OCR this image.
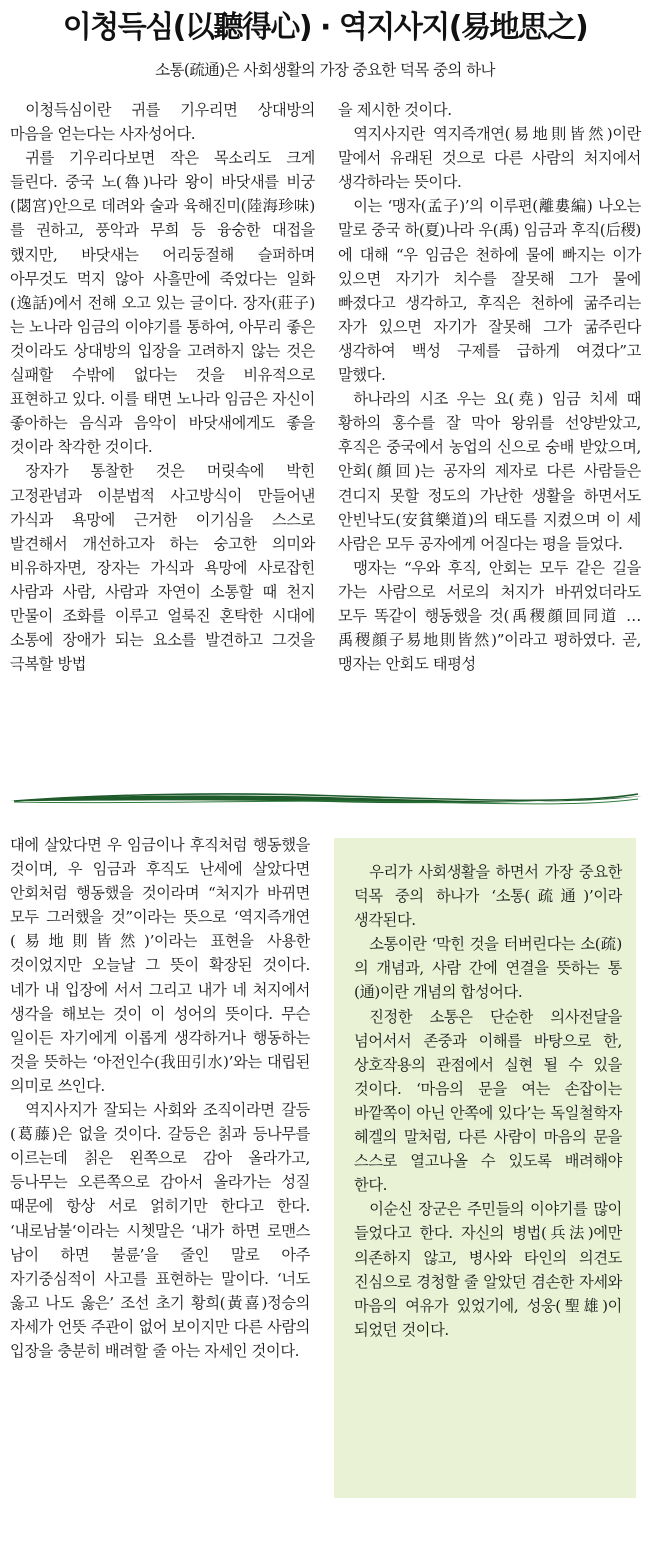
이청득심(以聽得心) · 역지사지(易地思之)
소통(疏通)은 사회생활의 가장 중요한 덕목 중의 하나

이청득심이란 귀를 기우리면 상대방의 마음을 얻는다는 사자성어다.

귀를 기우리다보면 작은 목소리도 크게 들린다. 중국 노(魯)나라 왕이 바닷새를 비궁(閟宮)안으로 데려와 술과 육해진미(陸海珍味)를 권하고, 풍악과 무희 등 융숭한 대접을 했지만, 바닷새는 어리둥절해 슬퍼하며 아무것도 먹지 않아 사흘만에 죽었다는 일화(逸話)에서 전해 오고 있는 글이다. 장자(莊子)는 노나라 임금의 이야기를 통하여, 아무리 좋은 것이라도 상대방의 입장을 고려하지 않는 것은 실패할 수밖에 없다는 것을 비유적으로 표현하고 있다. 이를 태면 노나라 임금은 자신이 좋아하는 음식과 음악이 바닷새에게도 좋을 것이라 착각한 것이다.

장자가 통찰한 것은 머릿속에 박힌 고정관념과 이분법적 사고방식이 만들어낸 가식과 욕망에 근거한 이기심을 스스로 발견해서 개선하고자 하는 숭고한 의미와 비유하자면, 장자는 가식과 욕망에 사로잡힌 사람과 사람, 사람과 자연이 소통할 때 천지 만물이 조화를 이루고 얼룩진 혼탁한 시대에 소통에 장애가 되는 요소를 발견하고 그것을 극복할 방법

을 제시한 것이다.

역지사지란 역지즉개연(易地則皆然)이란 말에서 유래된 것으로 다른 사람의 처지에서 생각하라는 뜻이다.

이는 ‘맹자(孟子)’의 이루편(離婁編) 나오는 말로 중국 하(夏)나라 우(禹) 임금과 후직(后稷)에 대해 “우 임금은 천하에 물에 빠지는 이가 있으면 자기가 치수를 잘못해 그가 물에 빠졌다고 생각하고, 후직은 천하에 굶주리는 자가 있으면 자기가 잘못해 그가 굶주린다 생각하여 백성 구제를 급하게 여겼다”고 말했다.

하나라의 시조 우는 요(堯) 임금 치세 때 황하의 홍수를 잘 막아 왕위를 선양받았고, 후직은 중국에서 농업의 신으로 숭배 받았으며, 안회(顔回)는 공자의 제자로 다른 사람들은 견디지 못할 정도의 가난한 생활을 하면서도 안빈낙도(安貧樂道)의 태도를 지켰으며 이 세 사람은 모두 공자에게 어질다는 평을 들었다.

맹자는 “우와 후직, 안회는 모두 같은 길을 가는 사람으로 서로의 처지가 바뀌었더라도 모두 똑같이 행동했을 것(禹稷顔回同道 … 禹稷顔子易地則皆然)”이라고 평하였다. 곧, 맹자는 안회도 태평성

대에 살았다면 우 임금이나 후직처럼 행동했을 것이며, 우 임금과 후직도 난세에 살았다면 안회처럼 행동했을 것이라며 “처지가 바뀌면 모두 그러했을 것”이라는 뜻으로 ‘역지즉개연(易地則皆然)’이라는 표현을 사용한 것이었지만 오늘날 그 뜻이 확장된 것이다. 네가 내 입장에 서서 그리고 내가 네 처지에서 생각을 해보는 것이 이 성어의 뜻이다. 무슨 일이든 자기에게 이롭게 생각하거나 행동하는 것을 뜻하는 ‘아전인수(我田引水)’와는 대립된 의미로 쓰인다.

역지사지가 잘되는 사회와 조직이라면 갈등(葛藤)은 없을 것이다. 갈등은 칡과 등나무를 이르는데 칡은 왼쪽으로 감아 올라가고, 등나무는 오른쪽으로 감아서 올라가는 성질 때문에 항상 서로 얽히기만 한다고 한다. ‘내로남불‘이라는 시쳇말은 ‘내가 하면 로맨스 남이 하면 불륜’을 줄인 말로 아주 자기중심적이 사고를 표현하는 말이다. ‘너도 옳고 나도 옳은’ 조선 초기 황희(黃喜)정승의 자세가 언뜻 주관이 없어 보이지만 다른 사람의 입장을 충분히 배려할 줄 아는 자세인 것이다.

우리가 사회생활을 하면서 가장 중요한 덕목 중의 하나가 ‘소통(疏通)’이라 생각된다.

소통이란 ‘막힌 것을 터버린다는 소(疏)의 개념과, 사람 간에 연결을 뜻하는 통(通)이란 개념의 합성어다.

진정한 소통은 단순한 의사전달을 넘어서서 존중과 이해를 바탕으로 한, 상호작용의 관점에서 실현 될 수 있을 것이다. ‘마음의 문을 여는 손잡이는 바깥쪽이 아닌 안쪽에 있다’는 독일철학자 헤겔의 말처럼, 다른 사람이 마음의 문을 스스로 열고나올 수 있도록 배려해야 한다.

이순신 장군은 주민들의 이야기를 많이 들었다고 한다. 자신의 병법(兵法)에만 의존하지 않고, 병사와 타인의 의견도 진심으로 경청할 줄 알았던 겸손한 자세와 마음의 여유가 있었기에, 성웅(聖雄)이 되었던 것이다.
